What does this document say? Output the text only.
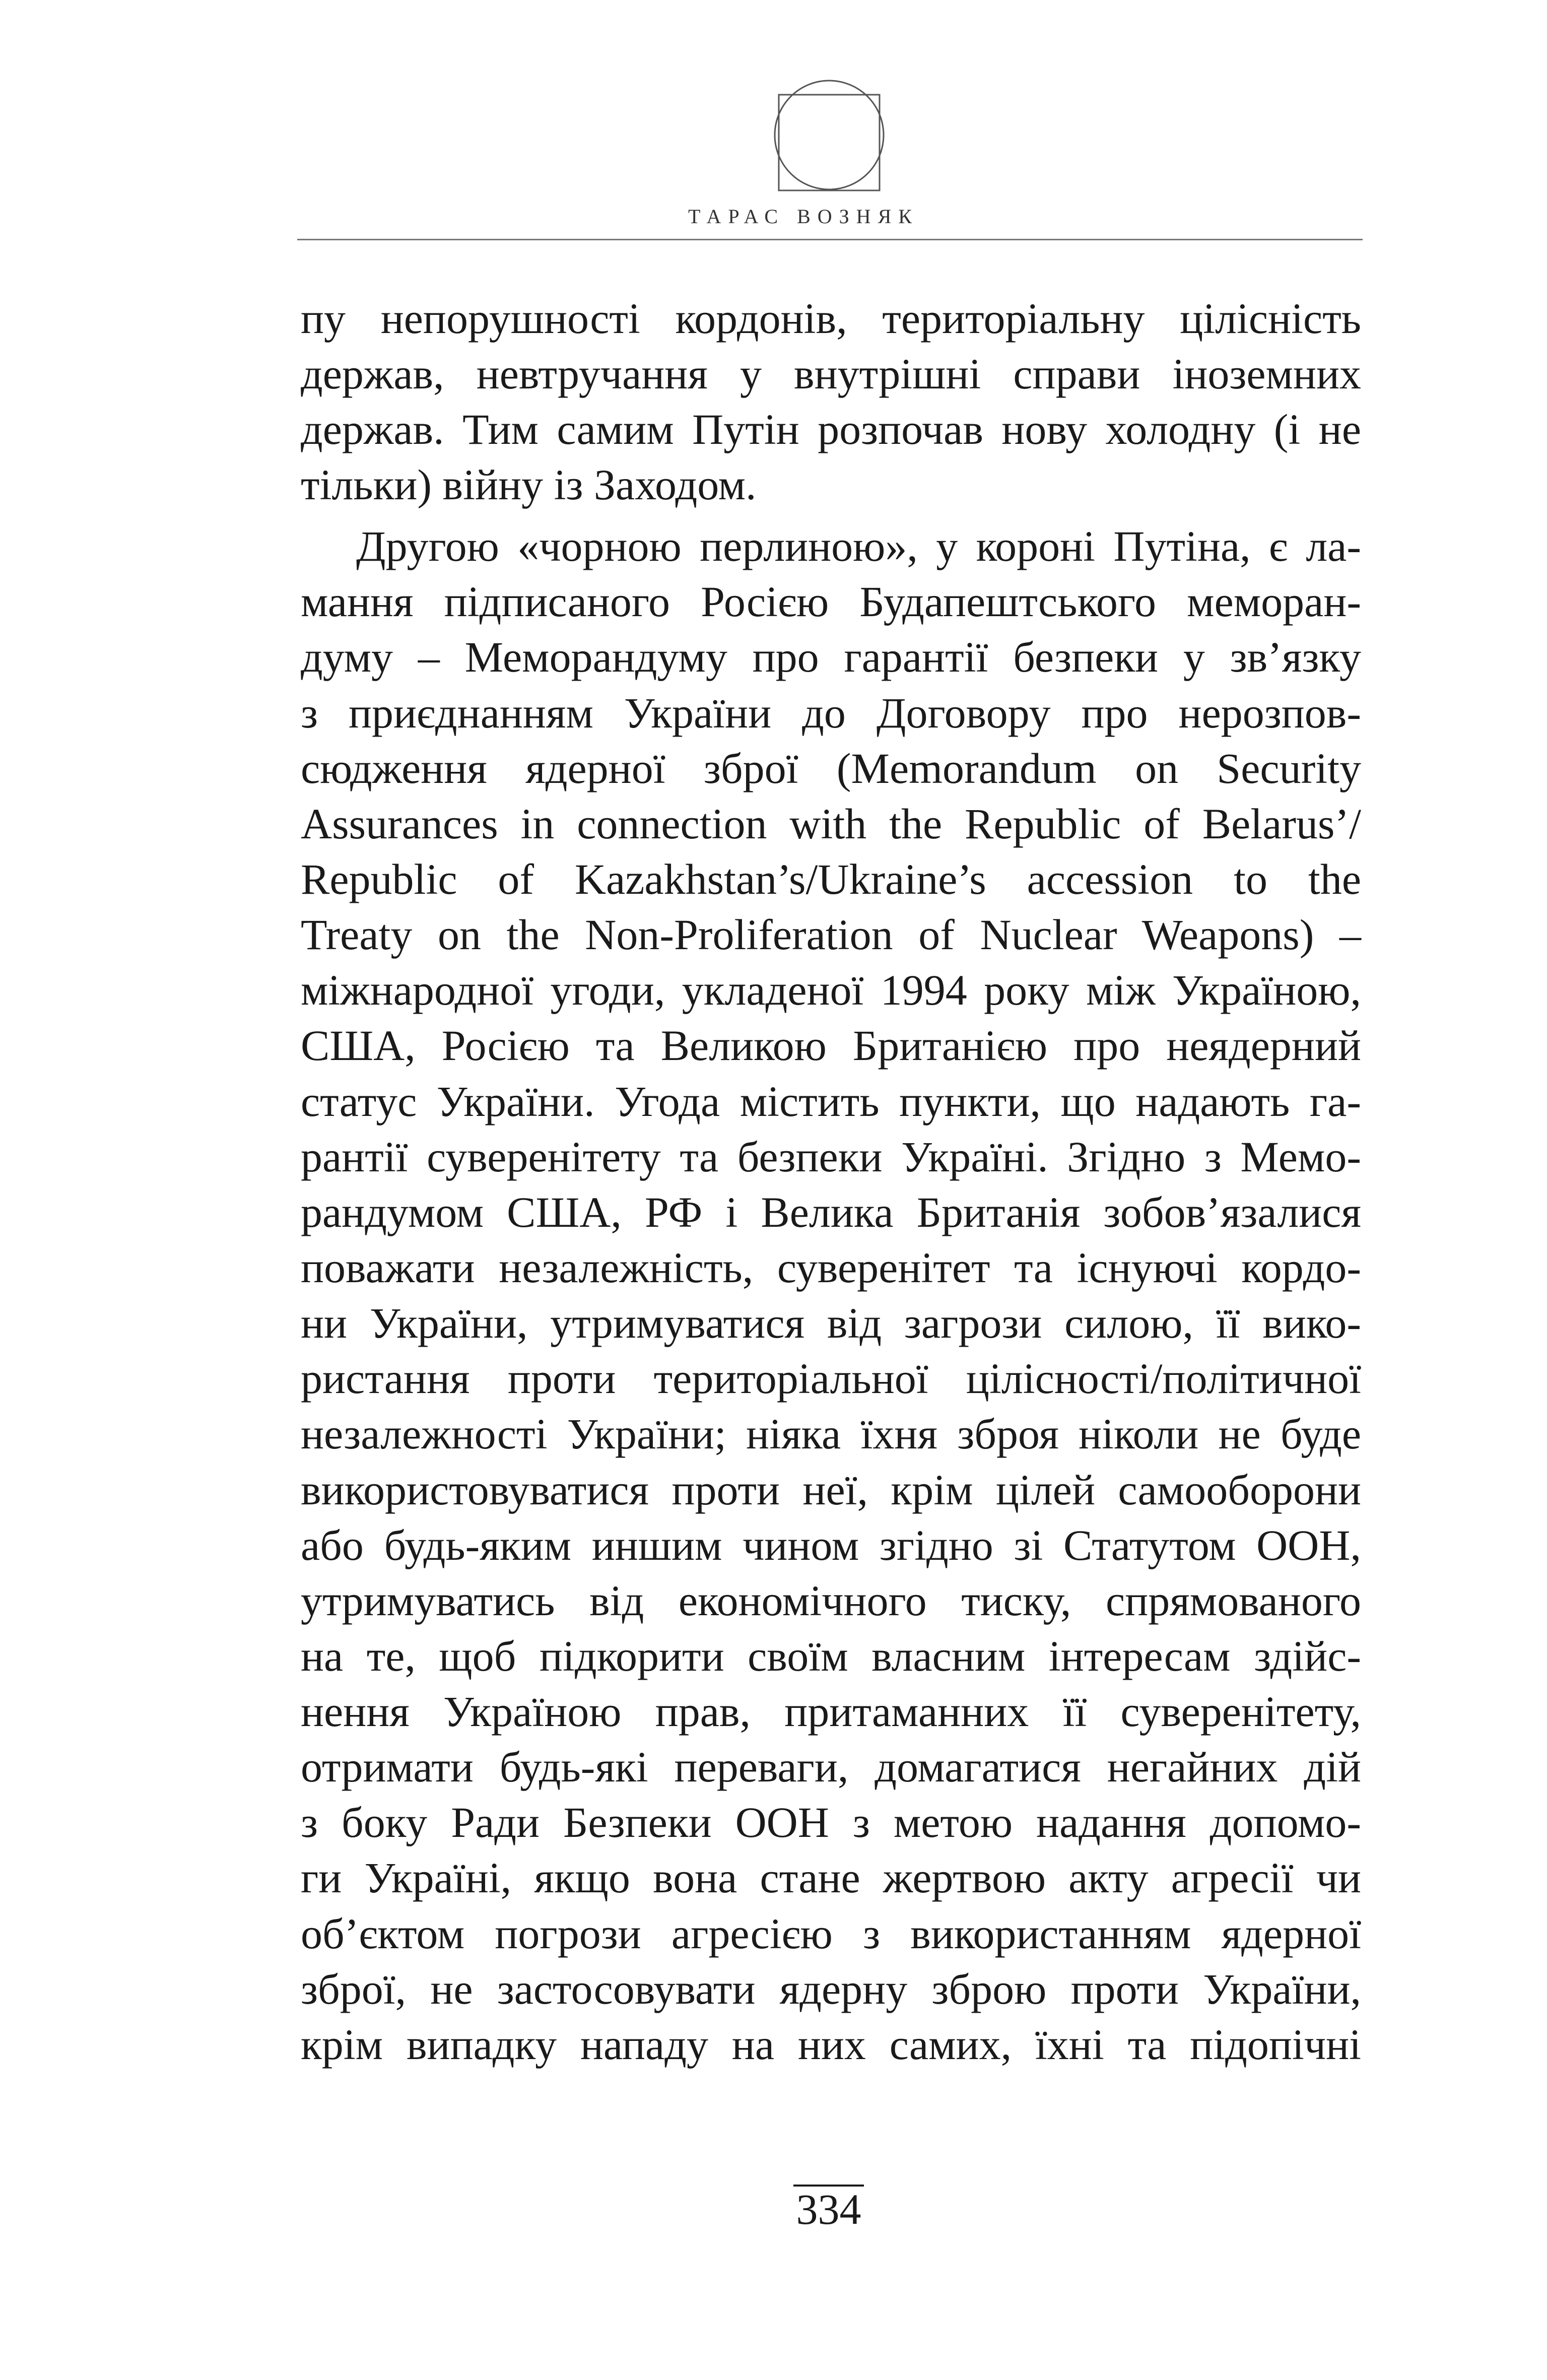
ТАРАС ВОЗНЯК
пу непорушності кордонів, територіальну цілісність
держав, невтручання у внутрішні справи іноземних
держав. Тим самим Путін розпочав нову холодну (і не
тільки) війну із Заходом.
Другою «чорною перлиною», у короні Путіна, є ла-
мання підписаного Росією Будапештського меморан-
думу – Меморандуму про гарантії безпеки у зв’язку
з приєднанням України до Договору про нерозпов-
сюдження ядерної зброї (Memorandum on Security
Assurances in connection with the Republic of Belarus’/
Republic of Kazakhstan’s/Ukraine’s accession to the
Treaty on the Non-Proliferation of Nuclear Weapons) –
міжнародної угоди, укладеної 1994 року між Україною,
США, Росією та Великою Британією про неядерний
статус України. Угода містить пункти, що надають га-
рантії суверенітету та безпеки Україні. Згідно з Мемо-
рандумом США, РФ і Велика Британія зобов’язалися
поважати незалежність, суверенітет та існуючі кордо-
ни України, утримуватися від загрози силою, її вико-
ристання проти територіальної цілісності/політичної
незалежності України; ніяка їхня зброя ніколи не буде
використовуватися проти неї, крім цілей самооборони
або будь-яким иншим чином згідно зі Статутом ООН,
утримуватись від економічного тиску, спрямованого
на те, щоб підкорити своїм власним інтересам здійс-
нення Україною прав, притаманних її суверенітету,
отримати будь-які переваги, домагатися негайних дій
з боку Ради Безпеки ООН з метою надання допомо-
ги Україні, якщо вона стане жертвою акту агресії чи
об’єктом погрози агресією з використанням ядерної
зброї, не застосовувати ядерну зброю проти України,
крім випадку нападу на них самих, їхні та підопічні
334
